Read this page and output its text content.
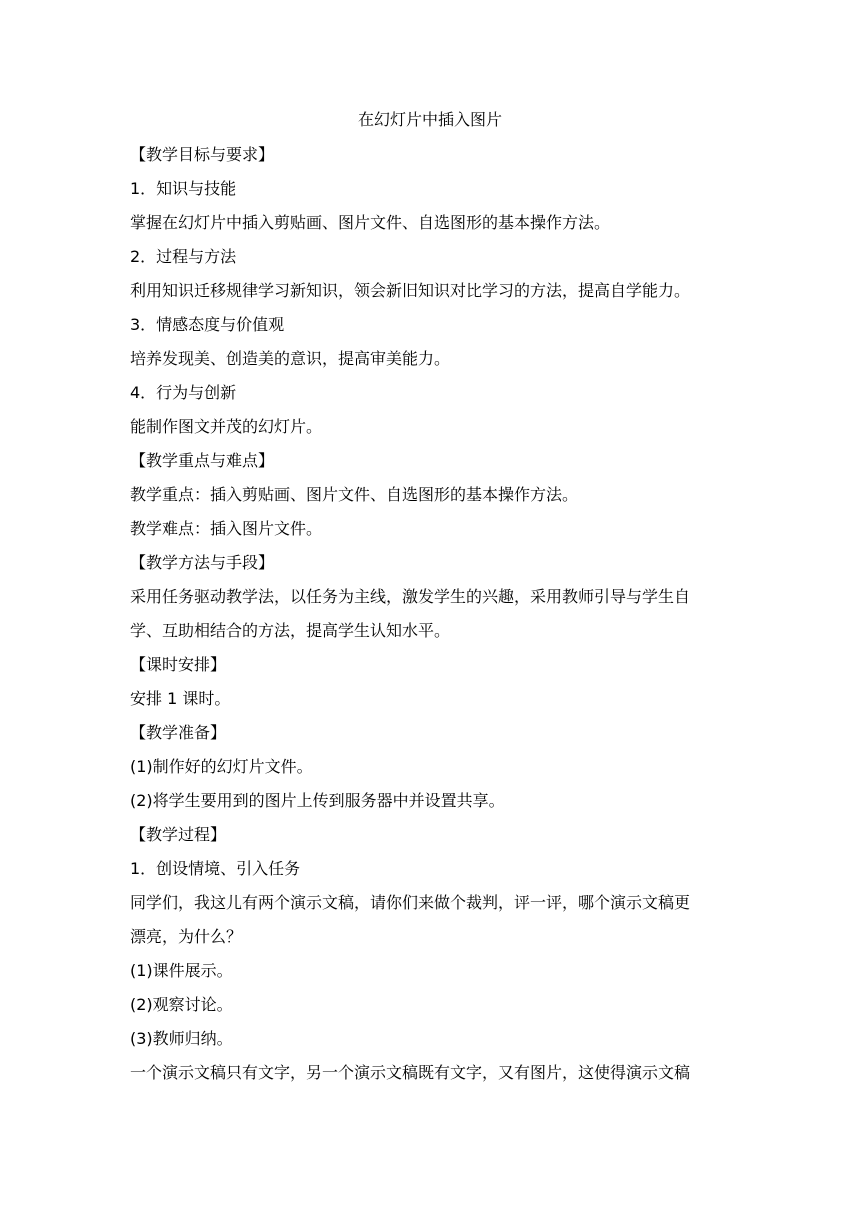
在幻灯片中插入图片
【教学目标与要求】
1．知识与技能
掌握在幻灯片中插入剪贴画、图片文件、自选图形的基本操作方法。
2．过程与方法
利用知识迁移规律学习新知识，领会新旧知识对比学习的方法，提高自学能力。
3．情感态度与价值观
培养发现美、创造美的意识，提高审美能力。
4．行为与创新
能制作图文并茂的幻灯片。
【教学重点与难点】
教学重点：插入剪贴画、图片文件、自选图形的基本操作方法。
教学难点：插入图片文件。
【教学方法与手段】
采用任务驱动教学法，以任务为主线，激发学生的兴趣，采用教师引导与学生自
学、互助相结合的方法，提高学生认知水平。
【课时安排】
安排 1 课时。
【教学准备】
(1)制作好的幻灯片文件。
(2)将学生要用到的图片上传到服务器中并设置共享。
【教学过程】
1．创设情境、引入任务
同学们，我这儿有两个演示文稿，请你们来做个裁判，评一评，哪个演示文稿更
漂亮，为什么？
(1)课件展示。
(2)观察讨论。
(3)教师归纳。
一个演示文稿只有文字，另一个演示文稿既有文字，又有图片，这使得演示文稿
